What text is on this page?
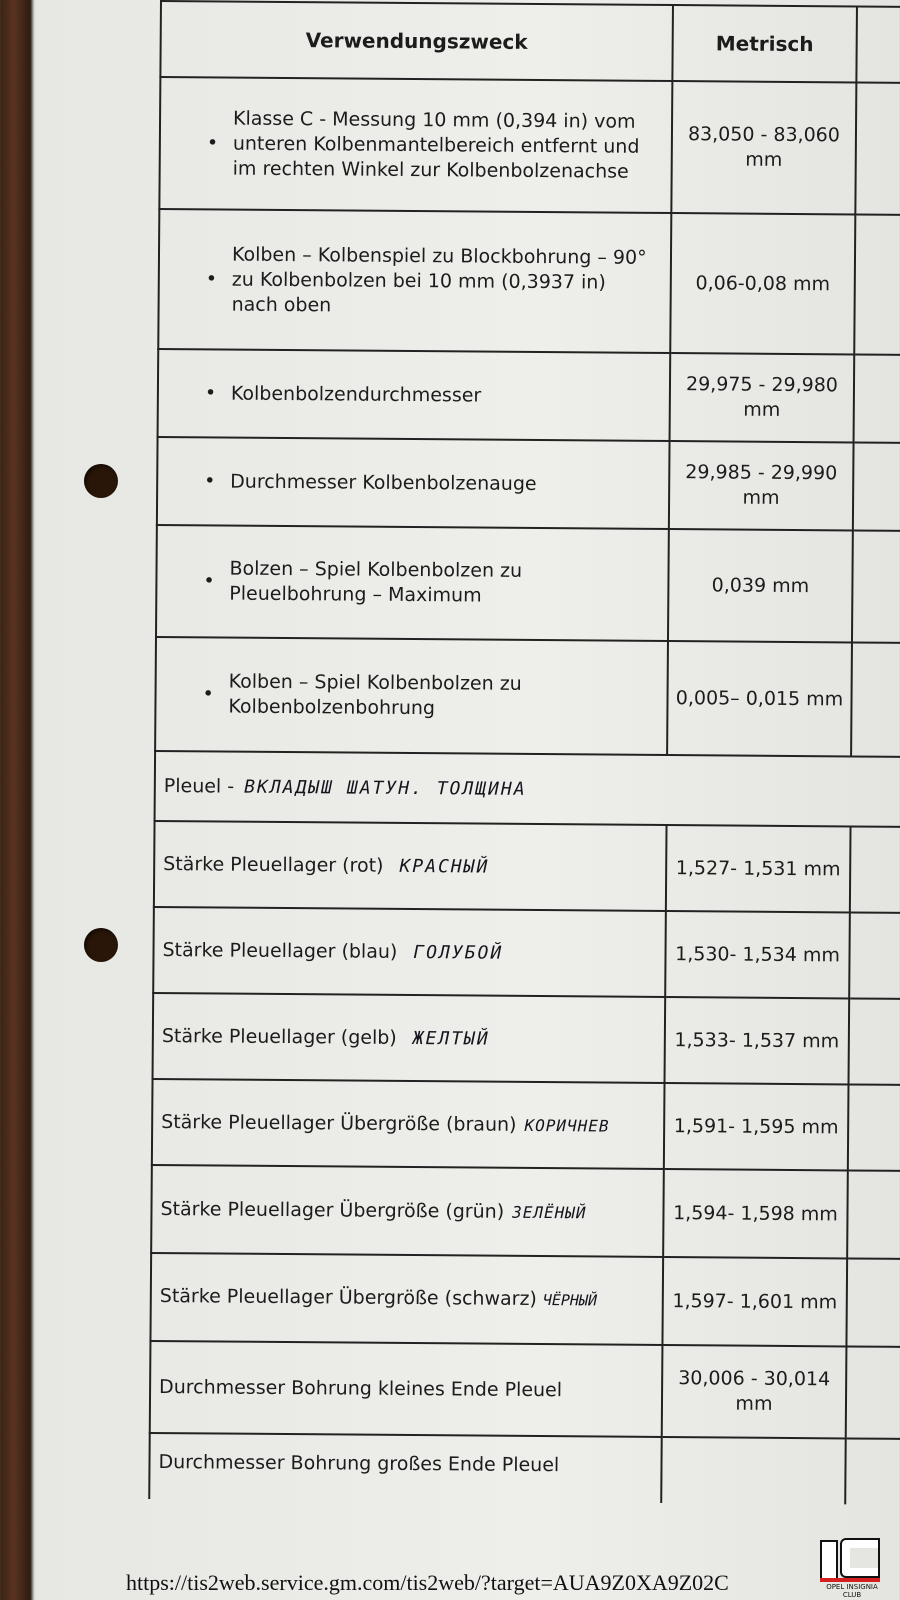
Verwendungszweck	Metrisch	

• Klasse C - Messung 10 mm (0,394 in) vom unteren Kolbenmantelbereich entfernt und im rechten Winkel zur Kolbenbolzenachse	83,050 - 83,060 mm	

• Kolben – Kolbenspiel zu Blockbohrung – 90° zu Kolbenbolzen bei 10 mm (0,3937 in) nach oben	0,06-0,08 mm	

• Kolbenbolzendurchmesser	29,975 - 29,980 mm	

• Durchmesser Kolbenbolzenauge	29,985 - 29,990 mm	

• Bolzen – Spiel Kolbenbolzen zu Pleuelbohrung – Maximum	0,039 mm	

• Kolben – Spiel Kolbenbolzen zu Kolbenbolzenbohrung	0,005– 0,015 mm	
Pleuel - ВКЛАДЫШ ШАТУН. ТОЛЩИНА		
Stärke Pleuellager (rot) КРАСНЫЙ	1,527- 1,531 mm	
Stärke Pleuellager (blau) ГОЛУБОЙ	1,530- 1,534 mm	
Stärke Pleuellager (gelb) ЖЕЛТЫЙ	1,533- 1,537 mm	
Stärke Pleuellager Übergröße (braun) КОРИЧНЕВ	1,591- 1,595 mm	
Stärke Pleuellager Übergröße (grün) ЗЕЛЁНЫЙ	1,594- 1,598 mm	
Stärke Pleuellager Übergröße (schwarz) ЧЁРНЫЙ	1,597- 1,601 mm	
Durchmesser Bohrung kleines Ende Pleuel	30,006 - 30,014 mm	
Durchmesser Bohrung großes Ende Pleuel		
https://tis2web.service.gm.com/tis2web/?target=AUA9Z0XA9Z02C	OPEL INSIGNIA CLUB
